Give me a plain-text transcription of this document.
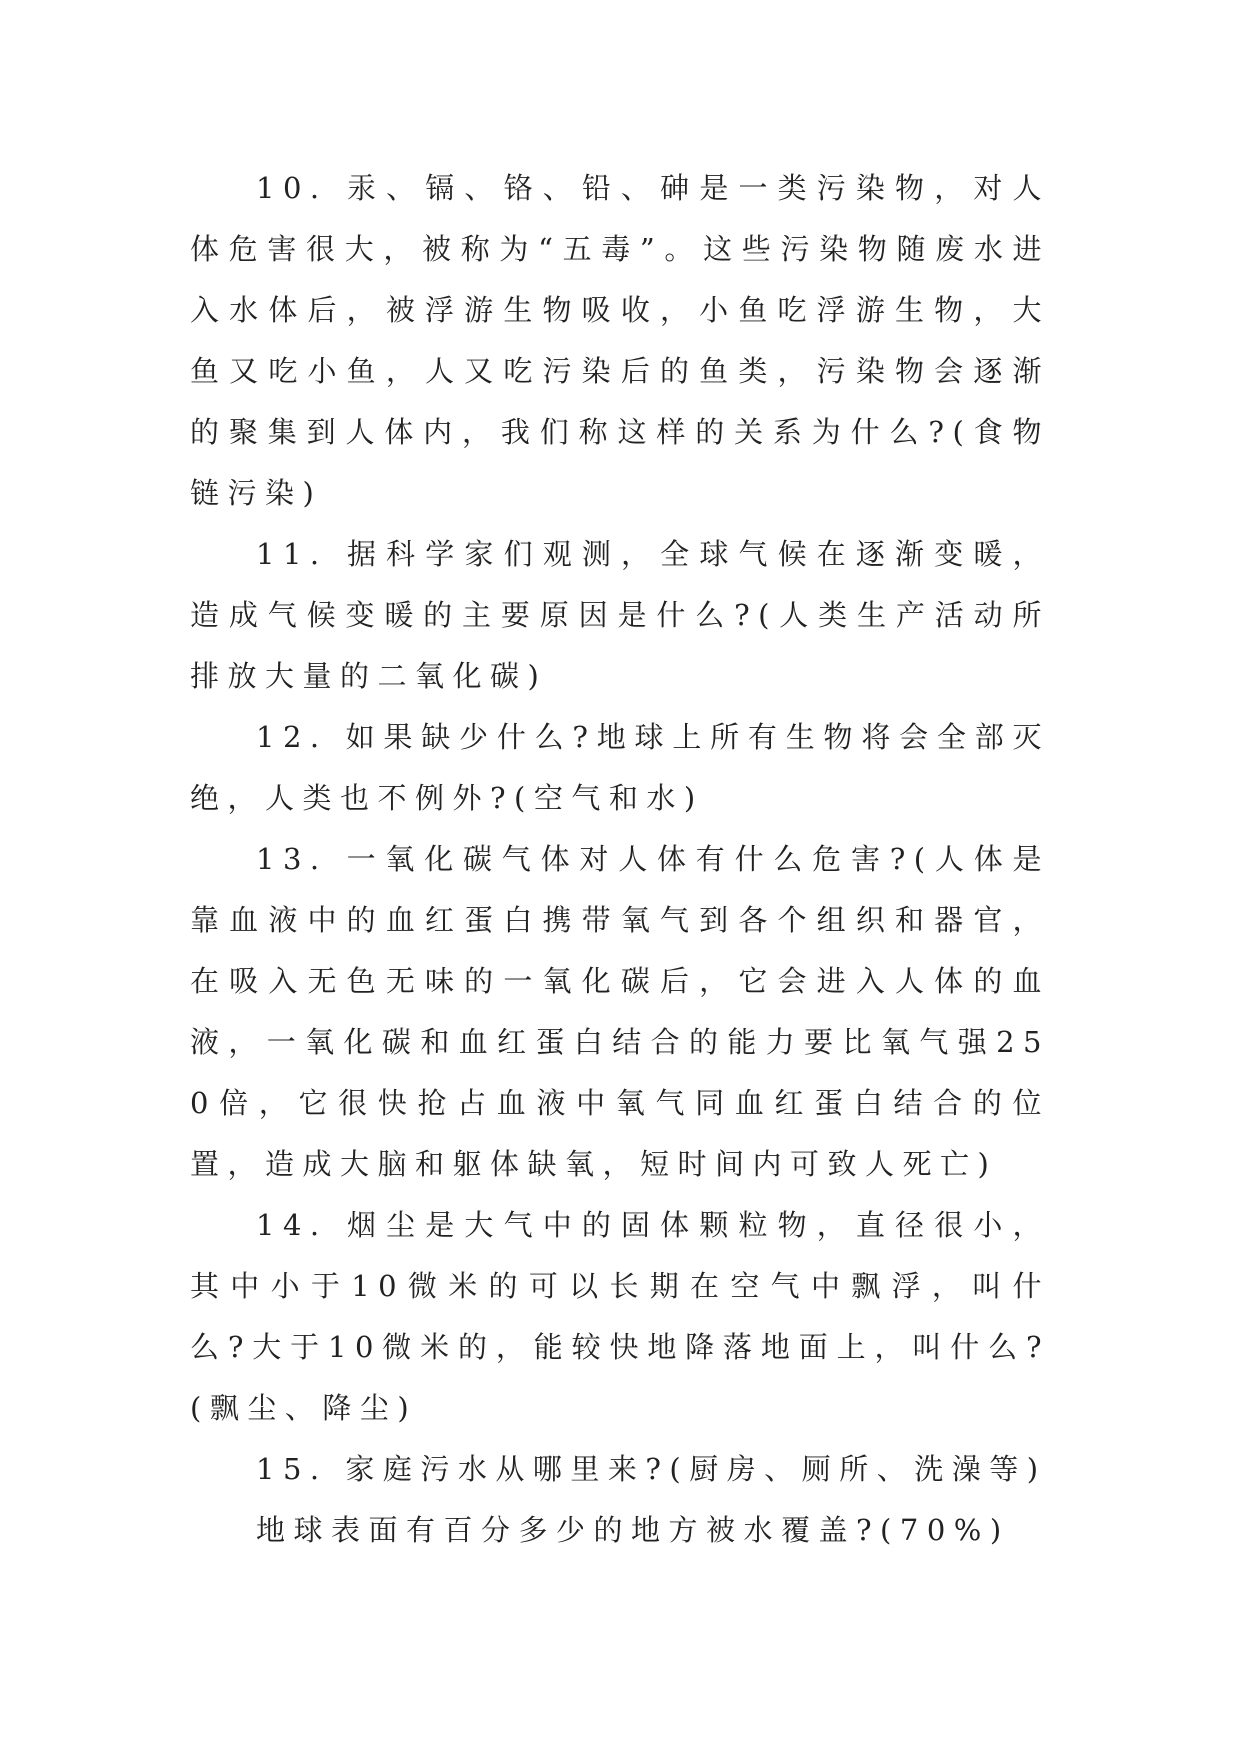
10. 汞、镉、铬、铅、砷是一类污染物，对人体危害很大，被称为“五毒”。这些污染物随废水进入水体后，被浮游生物吸收，小鱼吃浮游生物，大鱼又吃小鱼，人又吃污染后的鱼类，污染物会逐渐的聚集到人体内，我们称这样的关系为什么?(食物链污染)

11. 据科学家们观测，全球气候在逐渐变暖，造成气候变暖的主要原因是什么?(人类生产活动所排放大量的二氧化碳)

12. 如果缺少什么?地球上所有生物将会全部灭绝，人类也不例外?(空气和水)

13. 一氧化碳气体对人体有什么危害?(人体是靠血液中的血红蛋白携带氧气到各个组织和器官，在吸入无色无味的一氧化碳后，它会进入人体的血液，一氧化碳和血红蛋白结合的能力要比氧气强250倍，它很快抢占血液中氧气同血红蛋白结合的位置，造成大脑和躯体缺氧，短时间内可致人死亡)

14. 烟尘是大气中的固体颗粒物，直径很小，其中小于10微米的可以长期在空气中飘浮，叫什么?大于10微米的，能较快地降落地面上，叫什么?(飘尘、降尘)

15. 家庭污水从哪里来?(厨房、厕所、洗澡等)

地球表面有百分多少的地方被水覆盖?(70%)
